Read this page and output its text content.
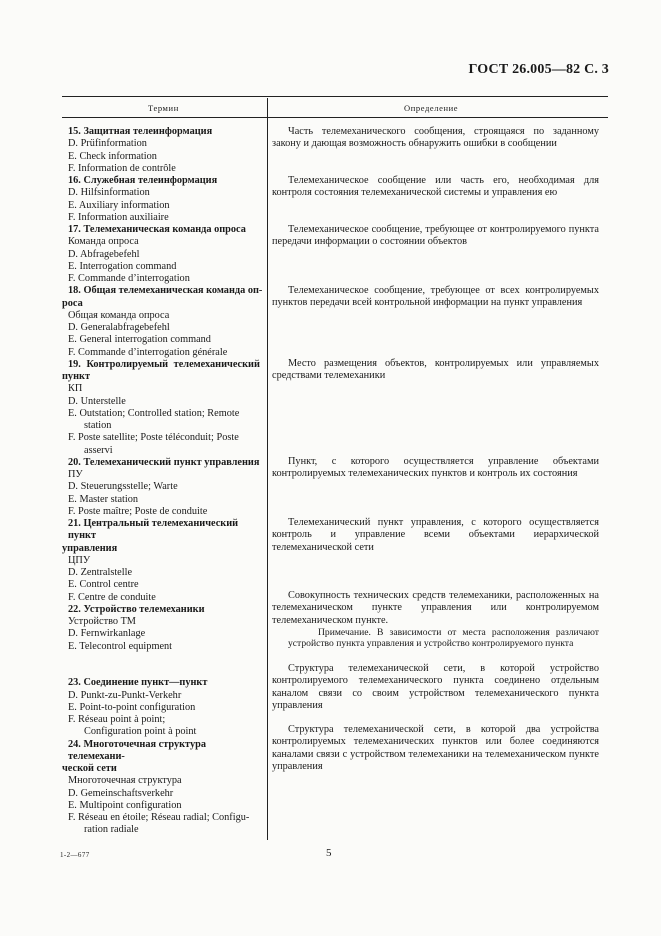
ГОСТ 26.005—82 С. 3
Термин	Определение
15. Защитная телеинформация
D. Prüfinformation
E. Check information
F. Information de contrôle
16. Служебная телеинформация
D. Hilfsinformation
E. Auxiliary information
F. Information auxiliaire
17. Телемеханическая команда опроса
Команда опроса
D. Abfragebefehl
E. Interrogation command
F. Commande d’interrogation
18. Общая телемеханическая команда оп-
роса
Общая команда опроса
D. Generalabfragebefehl
E. General interrogation command
F. Commande d’interrogation générale
19. Контролируемый телемеханический
пункт
КП
D. Unterstelle
E. Outstation; Controlled station; Remote
station
F. Poste satellite; Poste téléconduit; Poste
asservi
20. Телемеханический пункт управления
ПУ
D. Steuerungsstelle; Warte
E. Master station
F. Poste maître; Poste de conduite
21. Центральный телемеханический пункт
управления
ЦПУ
D. Zentralstelle
E. Control centre
F. Centre de conduite
22. Устройство телемеханики
Устройство ТМ
D. Fernwirkanlage
E. Telecontrol equipment
23. Соединение пункт—пункт
D. Punkt-zu-Punkt-Verkehr
E. Point-to-point configuration
F. Réseau point à point;
Configuration point à point
24. Многоточечная структура телемехани-
ческой сети
Многоточечная структура
D. Gemeinschaftsverkehr
E. Multipoint configuration
F. Réseau en étoile; Réseau radial; Configu-
ration radiale

Часть телемеханического сообщения, строящаяся по заданному закону и дающая возможность обнаружить ошибки в сообщении

Телемеханическое сообщение или часть его, необходимая для контроля состояния телемеханической системы и управления ею

Телемеханическое сообщение, требующее от контролируемого пункта передачи информации о состоянии объектов

Телемеханическое сообщение, требующее от всех контролируемых пунктов передачи всей контрольной информации на пункт управления

Место размещения объектов, контролируемых или управляемых средствами телемеханики

Пункт, с которого осуществляется управление объектами контролируемых телемеханических пунктов и контроль их состояния

Телемеханический пункт управления, с которого осуществляется контроль и управление всеми объектами иерархической телемеханической сети

Совокупность технических средств телемеханики, расположенных на телемеханическом пункте управления или контролируемом телемеханическом пункте.

Примечание. В зависимости от места расположения различают устройство пункта управления и устройство контролируемого пункта

Структура телемеханической сети, в которой устройство контролируемого телемеханического пункта соединено отдельным каналом связи со своим устройством телемеханического пункта управления

Структура телемеханической сети, в которой два устройства контролируемых телемеханических пунктов или более соединяются каналами связи с устройством телемеханики на телемеханическом пункте управления

1-2—677	5
